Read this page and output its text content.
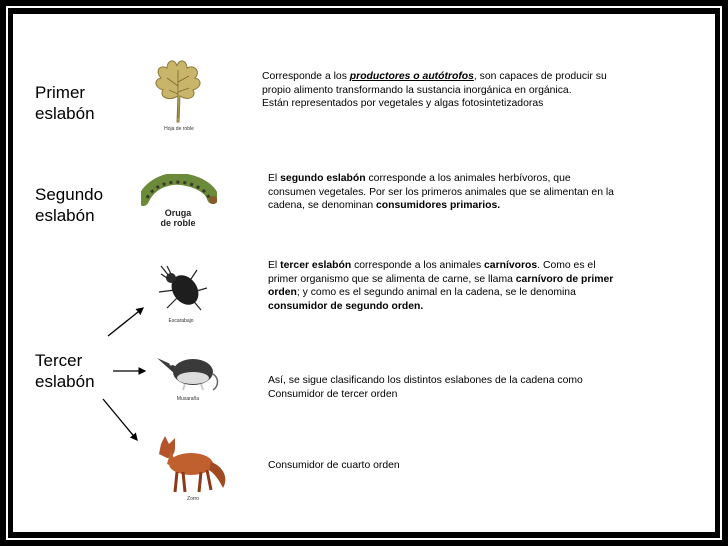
Primer
eslabón
Segundo
eslabón
Tercer
eslabón
Hoja de roble
Oruga
de roble
Escarabajo
Musaraña
Zorro
Corresponde a los productores o autótrofos, son capaces de producir su
propio alimento transformando la sustancia inorgánica en orgánica.
Están representados por vegetales y algas fotosintetizadoras
El segundo eslabón corresponde a los animales herbívoros, que
consumen vegetales. Por ser los primeros animales que se alimentan en la
cadena, se denominan consumidores primarios.
El tercer eslabón corresponde a los animales carnívoros. Como es el
primer organismo que se alimenta de carne, se llama carnívoro de primer
orden; y como es el segundo animal en la cadena, se le denomina
consumidor de segundo orden.
Así, se sigue clasificando los distintos eslabones de la cadena como
Consumidor de tercer orden
Consumidor de cuarto orden
